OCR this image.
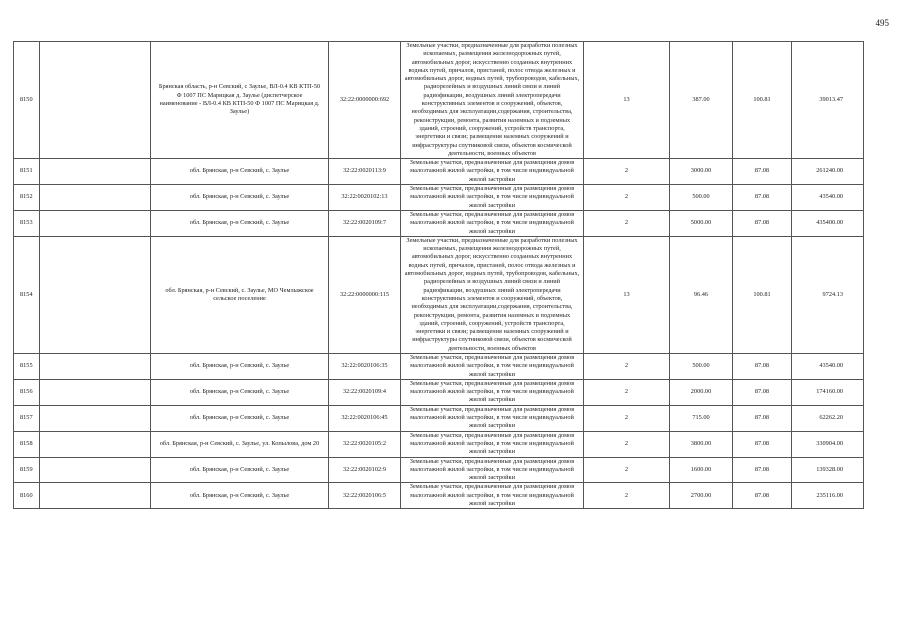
495
8150		Брянская область, р-н Севский, с Заулье, ВЛ-0.4 КВ КТП-50 Ф 1007 ПС Марицкая д. Заулье (диспетчерское наименование - ВЛ-0.4 КВ КТП-50 Ф 1007 ПС Марицкая д. Заулье)	32:22:0000000:692	Земельные участки, предназначенные для разработки полезных ископаемых, размещения железнодорожных путей, автомобильных дорог, искусственно созданных внутренних водных путей, причалов, пристаней, полос отвода железных и автомобильных дорог, водных путей, трубопроводов, кабельных, радиорелейных и воздушных линий связи и линий радиофикации, воздушных линий электропередачи конструктивных элементов и сооружений, объектов, необходимых для эксплуатации,содержания, строительства, реконструкции, ремонта, развития наземных и подземных зданий, строений, сооружений, устройств транспорта, энергетики и связи; размещения наземных сооружений и инфраструктуры спутниковой связи, объектов космической деятельности, военных объектов	13	387.00	100.81	39013.47
8151		обл. Брянская, р-н Севский, с. Заулье	32:22:0020113:9	Земельные участки, предназначенные для размещения домов малоэтажной жилой застройки, в том числе индивидуальной жилой застройки	2	3000.00	87.08	261240.00
8152		обл. Брянская, р-н Севский, с. Заулье	32:22:0020102:13	Земельные участки, предназначенные для размещения домов малоэтажной жилой застройки, в том числе индивидуальной жилой застройки	2	500.00	87.08	43540.00
8153		обл. Брянская, р-н Севский, с. Заулье	32:22:0020109:7	Земельные участки, предназначенные для размещения домов малоэтажной жилой застройки, в том числе индивидуальной жилой застройки	2	5000.00	87.08	435400.00
8154		обл. Брянская, р-н Севский, с. Заулье, МО Чемлыжское сельское поселение	32:22:0000000:115	Земельные участки, предназначенные для разработки полезных ископаемых, размещения железнодорожных путей, автомобильных дорог, искусственно созданных внутренних водных путей, причалов, пристаней, полос отвода железных и автомобильных дорог, водных путей, трубопроводов, кабельных, радиорелейных и воздушных линий связи и линий радиофикации, воздушных линий электропередачи конструктивных элементов и сооружений, объектов, необходимых для эксплуатации,содержания, строительства, реконструкции, ремонта, развития наземных и подземных зданий, строений, сооружений, устройств транспорта, энергетики и связи; размещения наземных сооружений и инфраструктуры спутниковой связи, объектов космической деятельности, военных объектов	13	96.46	100.81	9724.13
8155		обл. Брянская, р-н Севский, с. Заулье	32:22:0020106:35	Земельные участки, предназначенные для размещения домов малоэтажной жилой застройки, в том числе индивидуальной жилой застройки	2	500.00	87.08	43540.00
8156		обл. Брянская, р-н Севский, с. Заулье	32:22:0020109:4	Земельные участки, предназначенные для размещения домов малоэтажной жилой застройки, в том числе индивидуальной жилой застройки	2	2000.00	87.08	174160.00
8157		обл. Брянская, р-н Севский, с. Заулье	32:22:0020106:45	Земельные участки, предназначенные для размещения домов малоэтажной жилой застройки, в том числе индивидуальной жилой застройки	2	715.00	87.08	62262.20
8158		обл. Брянская, р-н Севский, с. Заулье, ул. Копылова, дом 20	32:22:0020105:2	Земельные участки, предназначенные для размещения домов малоэтажной жилой застройки, в том числе индивидуальной жилой застройки	2	3800.00	87.08	330904.00
8159		обл. Брянская, р-н Севский, с. Заулье	32:22:0020102:9	Земельные участки, предназначенные для размещения домов малоэтажной жилой застройки, в том числе индивидуальной жилой застройки	2	1600.00	87.08	139328.00
8160		обл. Брянская, р-н Севский, с. Заулье	32:22:0020106:5	Земельные участки, предназначенные для размещения домов малоэтажной жилой застройки, в том числе индивидуальной жилой застройки	2	2700.00	87.08	235116.00
